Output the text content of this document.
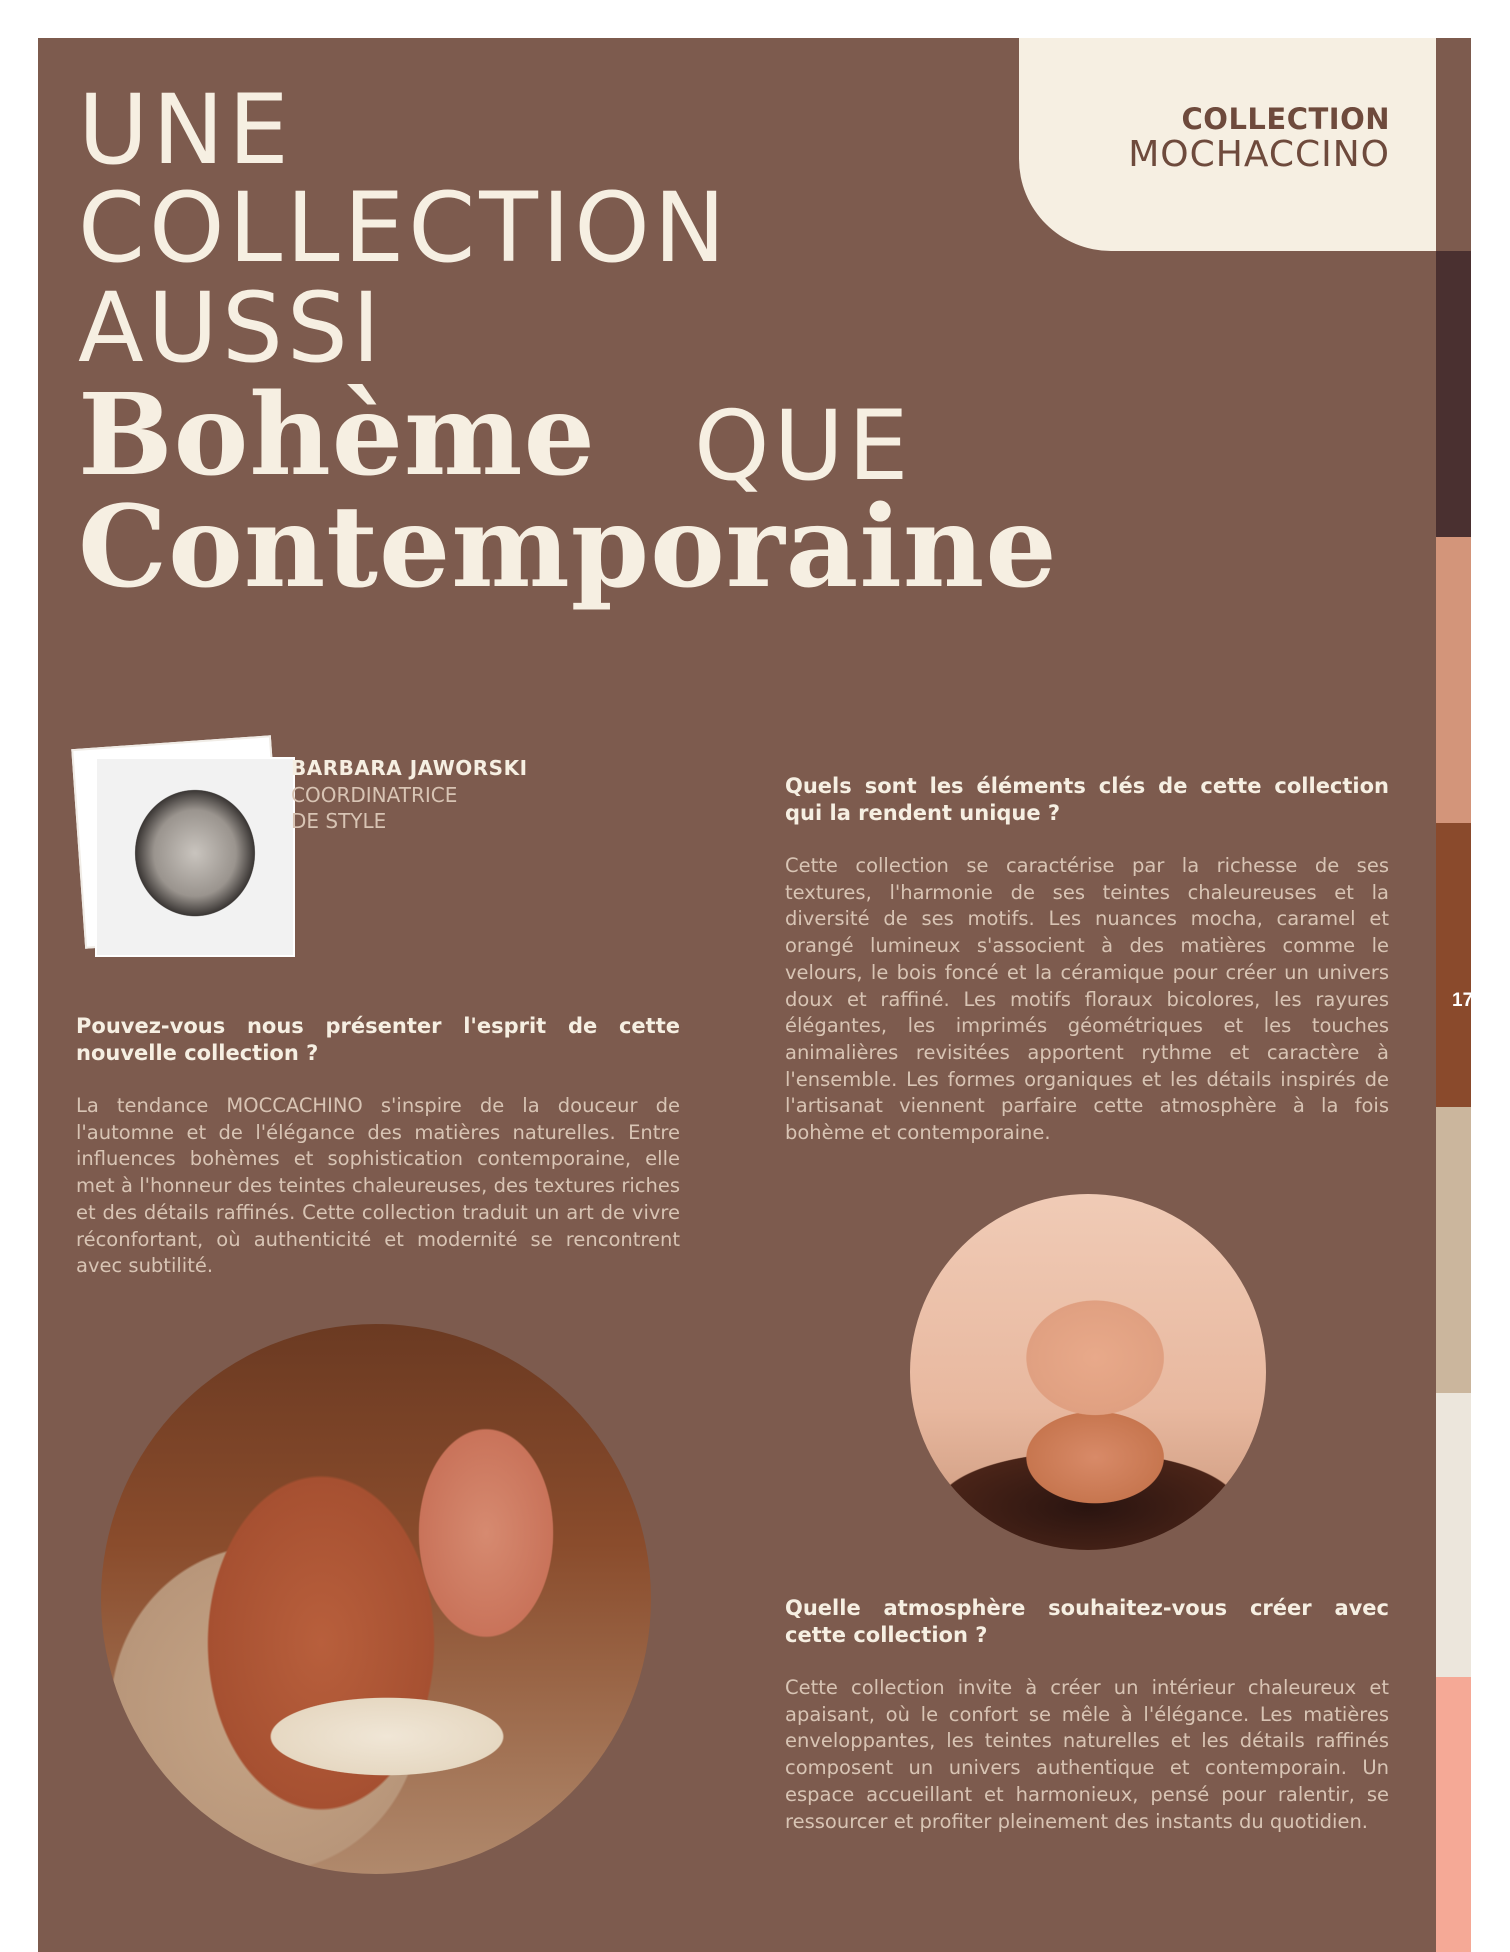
COLLECTION
MOCHACCINO
17
UNE
COLLECTION
AUSSI
Bohème QUE
Contemporaine
BARBARA JAWORSKI
COORDINATRICE
DE STYLE
Pouvez-vous nous présenter l'esprit de cette nouvelle collection ?
La tendance MOCCACHINO s'inspire de la douceur de l'automne et de l'élégance des matières naturelles. Entre influences bohèmes et sophistication contemporaine, elle met à l'honneur des teintes chaleureuses, des textures riches et des détails raffinés. Cette collection traduit un art de vivre réconfortant, où authenticité et modernité se rencontrent avec subtilité.
Quels sont les éléments clés de cette collection qui la rendent unique ?
Cette collection se caractérise par la richesse de ses textures, l'harmonie de ses teintes chaleureuses et la diversité de ses motifs. Les nuances mocha, caramel et orangé lumineux s'associent à des matières comme le velours, le bois foncé et la céramique pour créer un univers doux et raffiné. Les motifs floraux bicolores, les rayures élégantes, les imprimés géométriques et les touches animalières revisitées apportent rythme et caractère à l'ensemble. Les formes organiques et les détails inspirés de l'artisanat viennent parfaire cette atmosphère à la fois bohème et contemporaine.
Quelle atmosphère souhaitez-vous créer avec cette collection ?
Cette collection invite à créer un intérieur chaleureux et apaisant, où le confort se mêle à l'élégance. Les matières enveloppantes, les teintes naturelles et les détails raffinés composent un univers authentique et contemporain. Un espace accueillant et harmonieux, pensé pour ralentir, se ressourcer et profiter pleinement des instants du quotidien.
